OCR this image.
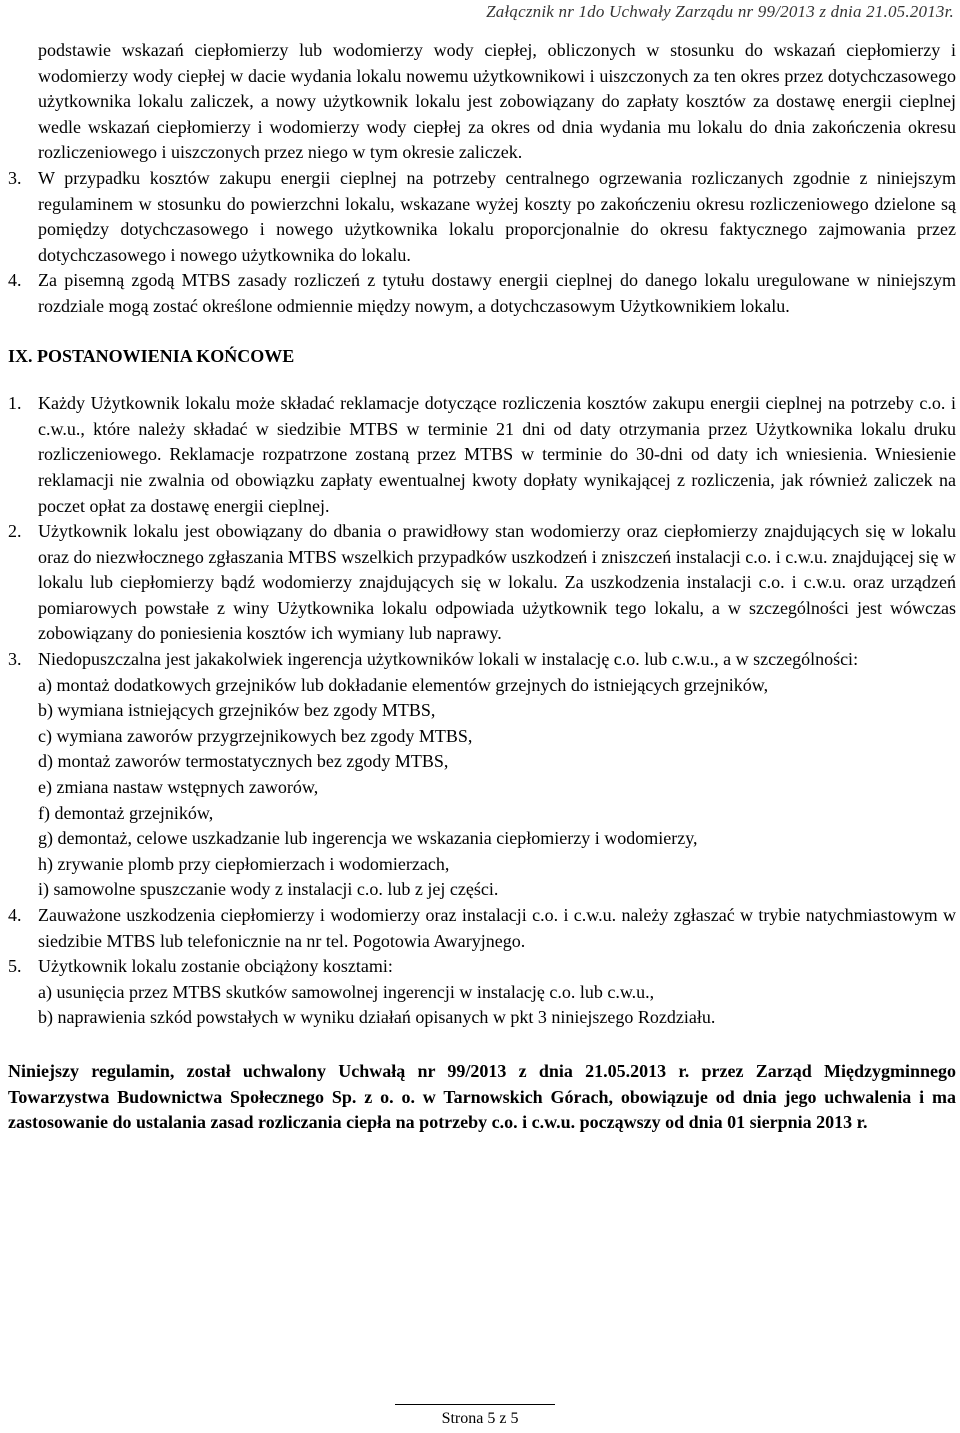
Załącznik nr 1do Uchwały Zarządu nr 99/2013 z dnia 21.05.2013r.
podstawie wskazań ciepłomierzy lub wodomierzy wody ciepłej, obliczonych w stosunku do wskazań ciepłomierzy i wodomierzy wody ciepłej w dacie wydania lokalu nowemu użytkownikowi i uiszczonych za ten okres przez dotychczasowego użytkownika lokalu zaliczek, a nowy użytkownik lokalu jest zobowiązany do zapłaty kosztów za dostawę energii cieplnej wedle wskazań ciepłomierzy i wodomierzy wody ciepłej za okres od dnia wydania mu lokalu do dnia zakończenia okresu rozliczeniowego i uiszczonych przez niego w tym okresie zaliczek.
3. W przypadku kosztów zakupu energii cieplnej na potrzeby centralnego ogrzewania rozliczanych zgodnie z niniejszym regulaminem w stosunku do powierzchni lokalu, wskazane wyżej koszty po zakończeniu okresu rozliczeniowego dzielone są pomiędzy dotychczasowego i nowego użytkownika lokalu proporcjonalnie do okresu faktycznego zajmowania przez dotychczasowego i nowego użytkownika do lokalu.
4. Za pisemną zgodą MTBS zasady rozliczeń z tytułu dostawy energii cieplnej do danego lokalu uregulowane w niniejszym rozdziale mogą zostać określone odmiennie między nowym, a dotychczasowym Użytkownikiem lokalu.
IX. POSTANOWIENIA KOŃCOWE
1. Każdy Użytkownik lokalu może składać reklamacje dotyczące rozliczenia kosztów zakupu energii cieplnej na potrzeby c.o. i c.w.u., które należy składać w siedzibie MTBS w terminie 21 dni od daty otrzymania przez Użytkownika lokalu druku rozliczeniowego. Reklamacje rozpatrzone zostaną przez MTBS w terminie do 30-dni od daty ich wniesienia. Wniesienie reklamacji nie zwalnia od obowiązku zapłaty ewentualnej kwoty dopłaty wynikającej z rozliczenia, jak również zaliczek na poczet opłat za dostawę energii cieplnej.
2. Użytkownik lokalu jest obowiązany do dbania o prawidłowy stan wodomierzy oraz ciepłomierzy znajdujących się w lokalu oraz do niezwłocznego zgłaszania MTBS wszelkich przypadków uszkodzeń i zniszczeń instalacji c.o. i c.w.u. znajdującej się w lokalu lub ciepłomierzy bądź wodomierzy znajdujących się w lokalu. Za uszkodzenia instalacji c.o. i c.w.u. oraz urządzeń pomiarowych powstałe z winy Użytkownika lokalu odpowiada użytkownik tego lokalu, a w szczególności jest wówczas zobowiązany do poniesienia kosztów ich wymiany lub naprawy.
3. Niedopuszczalna jest jakakolwiek ingerencja użytkowników lokali w instalację c.o. lub c.w.u., a w szczególności:
a) montaż dodatkowych grzejników lub dokładanie elementów grzejnych do istniejących grzejników,
b) wymiana istniejących grzejników bez zgody MTBS,
c) wymiana zaworów przygrzejnikowych bez zgody MTBS,
d) montaż zaworów termostatycznych bez zgody MTBS,
e) zmiana nastaw wstępnych zaworów,
f) demontaż grzejników,
g) demontaż, celowe uszkadzanie lub ingerencja we wskazania ciepłomierzy i wodomierzy,
h) zrywanie plomb przy ciepłomierzach i wodomierzach,
i) samowolne spuszczanie wody z instalacji c.o. lub z jej części.
4. Zauważone uszkodzenia ciepłomierzy i wodomierzy oraz instalacji c.o. i c.w.u. należy zgłaszać w trybie natychmiastowym w siedzibie MTBS lub telefonicznie na nr tel. Pogotowia Awaryjnego.
5. Użytkownik lokalu zostanie obciążony kosztami:
a) usunięcia przez MTBS skutków samowolnej ingerencji w instalację c.o. lub c.w.u.,
b) naprawienia szkód powstałych w wyniku działań opisanych w pkt 3 niniejszego Rozdziału.
Niniejszy regulamin, został uchwalony Uchwałą nr 99/2013 z dnia 21.05.2013 r. przez Zarząd Międzygminnego Towarzystwa Budownictwa Społecznego Sp. z o. o. w Tarnowskich Górach, obowiązuje od dnia jego uchwalenia i ma zastosowanie do ustalania zasad rozliczania ciepła na potrzeby c.o. i c.w.u. począwszy od dnia 01 sierpnia 2013 r.
Strona 5 z 5
